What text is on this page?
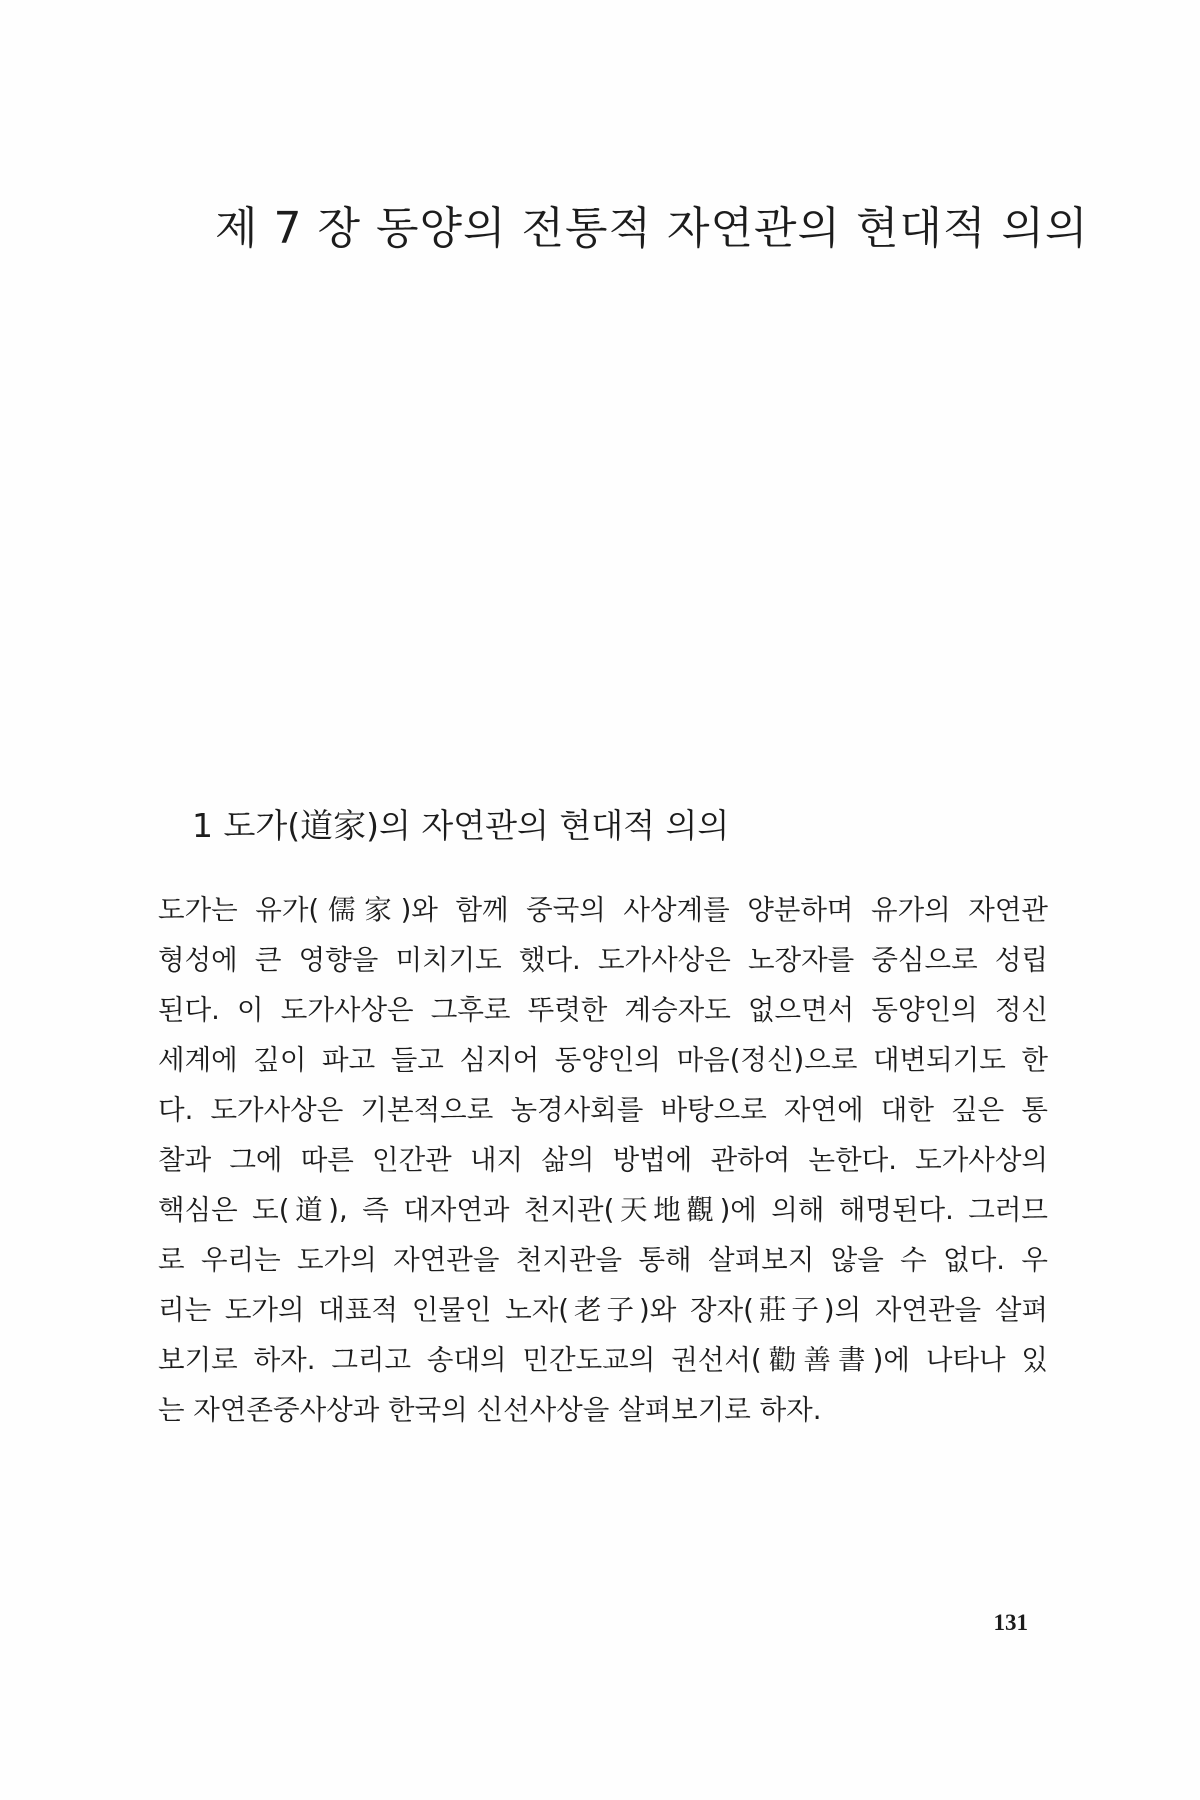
제 7 장 동양의 전통적 자연관의 현대적 의의
1 도가(道家)의 자연관의 현대적 의의
도가는 유가(儒家)와 함께 중국의 사상계를 양분하며 유가의 자연관
형성에 큰 영향을 미치기도 했다. 도가사상은 노장자를 중심으로 성립
된다. 이 도가사상은 그후로 뚜렷한 계승자도 없으면서 동양인의 정신
세계에 깊이 파고 들고 심지어 동양인의 마음(정신)으로 대변되기도 한
다. 도가사상은 기본적으로 농경사회를 바탕으로 자연에 대한 깊은 통
찰과 그에 따른 인간관 내지 삶의 방법에 관하여 논한다. 도가사상의
핵심은 도(道), 즉 대자연과 천지관(天地觀)에 의해 해명된다. 그러므
로 우리는 도가의 자연관을 천지관을 통해 살펴보지 않을 수 없다. 우
리는 도가의 대표적 인물인 노자(老子)와 장자(莊子)의 자연관을 살펴
보기로 하자. 그리고 송대의 민간도교의 권선서(勸善書)에 나타나 있
는 자연존중사상과 한국의 신선사상을 살펴보기로 하자.
131
